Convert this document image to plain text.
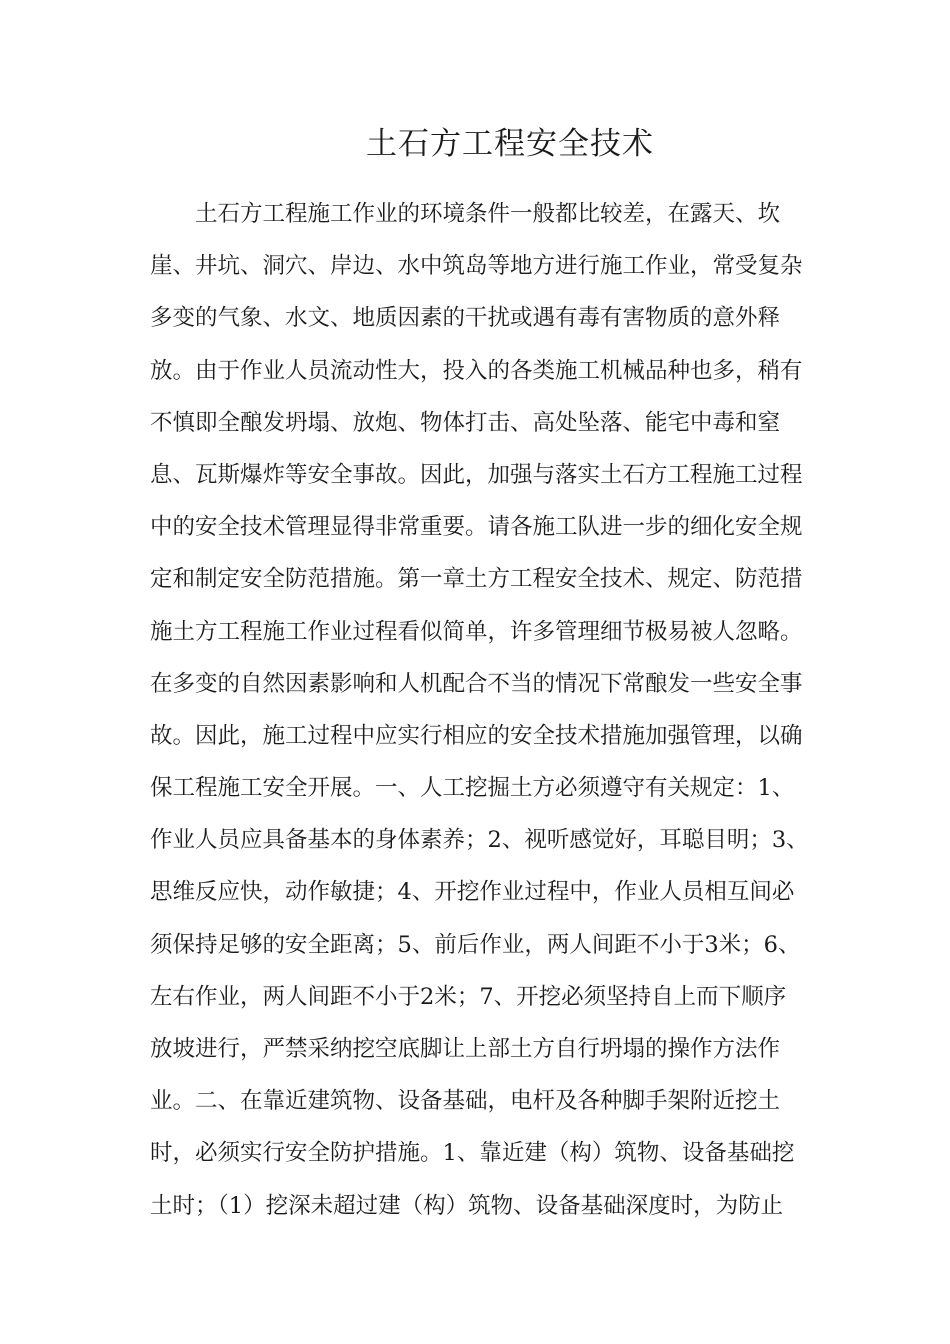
土石方工程安全技术
土石方工程施工作业的环境条件一般都比较差，在露天、坎
崖、井坑、洞穴、岸边、水中筑岛等地方进行施工作业，常受复杂
多变的气象、水文、地质因素的干扰或遇有毒有害物质的意外释
放。由于作业人员流动性大，投入的各类施工机械品种也多，稍有
不慎即全酿发坍塌、放炮、物体打击、高处坠落、能宅中毒和窒
息、瓦斯爆炸等安全事故。因此，加强与落实土石方工程施工过程
中的安全技术管理显得非常重要。请各施工队进一步的细化安全规
定和制定安全防范措施。第一章土方工程安全技术、规定、防范措
施土方工程施工作业过程看似简单，许多管理细节极易被人忽略。
在多变的自然因素影响和人机配合不当的情况下常酿发一些安全事
故。因此，施工过程中应实行相应的安全技术措施加强管理，以确
保工程施工安全开展。一、人工挖掘土方必须遵守有关规定：1、
作业人员应具备基本的身体素养；2、视听感觉好，耳聪目明；3、
思维反应快，动作敏捷；4、开挖作业过程中，作业人员相互间必
须保持足够的安全距离；5、前后作业，两人间距不小于3米；6、
左右作业，两人间距不小于2米；7、开挖必须坚持自上而下顺序
放坡进行，严禁采纳挖空底脚让上部土方自行坍塌的操作方法作
业。二、在靠近建筑物、设备基础，电杆及各种脚手架附近挖土
时，必须实行安全防护措施。1、靠近建（构）筑物、设备基础挖
土时；（1）挖深未超过建（构）筑物、设备基础深度时，为防止
